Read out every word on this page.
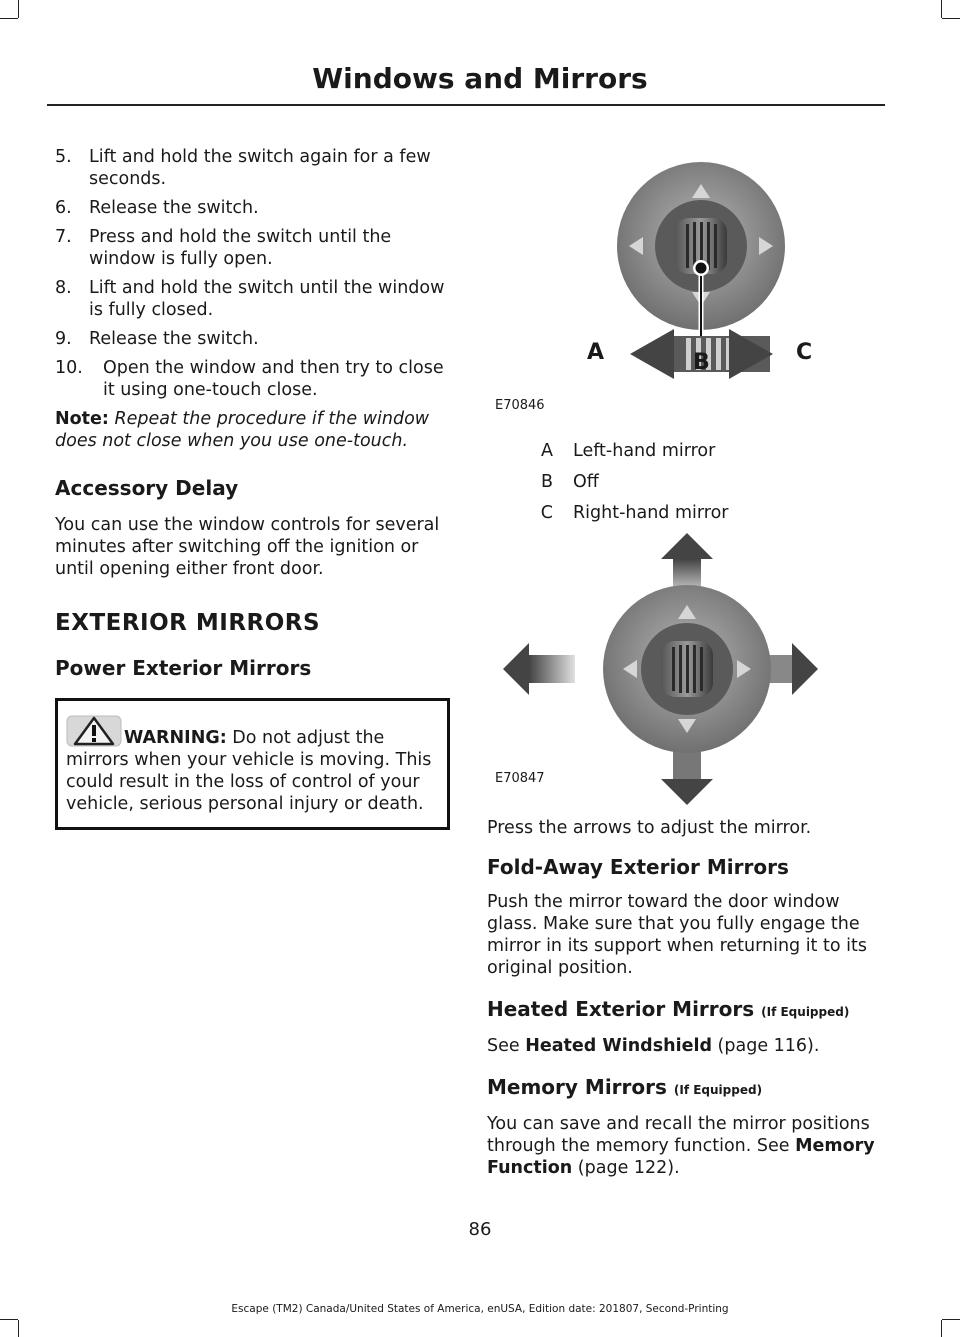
Windows and Mirrors
5. Lift and hold the switch again for a few seconds.
6. Release the switch.
7. Press and hold the switch until the window is fully open.
8. Lift and hold the switch until the window is fully closed.
9. Release the switch.
10. Open the window and then try to close it using one-touch close.

Note: Repeat the procedure if the window does not close when you use one-touch.

Accessory Delay

You can use the window controls for several minutes after switching off the ignition or until opening either front door.

EXTERIOR MIRRORS
Power Exterior Mirrors
WARNING: Do not adjust the mirrors when your vehicle is moving. This could result in the loss of control of your vehicle, serious personal injury or death.
A	C
B
E70846
A	Left-hand mirror
B	Off
C	Right-hand mirror
E70847

Press the arrows to adjust the mirror.

Fold-Away Exterior Mirrors

Push the mirror toward the door window glass. Make sure that you fully engage the mirror in its support when returning it to its original position.

Heated Exterior Mirrors (If Equipped)

See Heated Windshield (page 116).

Memory Mirrors (If Equipped)

You can save and recall the mirror positions through the memory function. See Memory Function (page 122).

86
Escape (TM2) Canada/United States of America, enUSA, Edition date: 201807, Second-Printing
